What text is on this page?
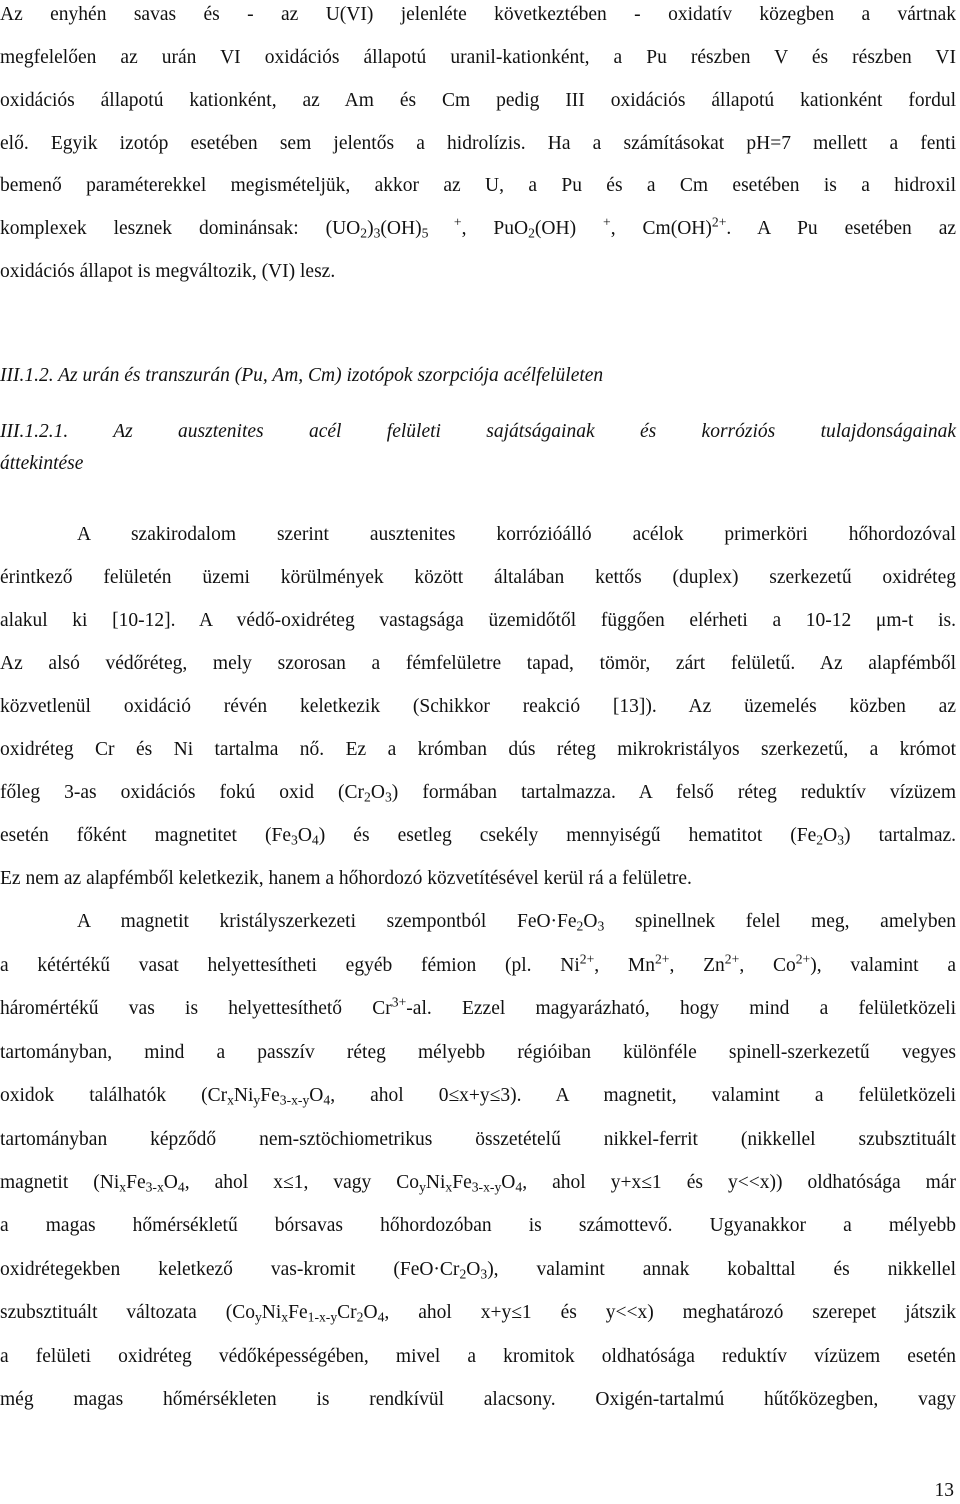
Az enyhén savas és - az U(VI) jelenléte következtében - oxidatív közegben a vártnak
megfelelően az urán VI oxidációs állapotú uranil-kationként, a Pu részben V és részben VI
oxidációs állapotú kationként, az Am és Cm pedig III oxidációs állapotú kationként fordul
elő. Egyik izotóp esetében sem jelentős a hidrolízis. Ha a számításokat pH=7 mellett a fenti
bemenő paraméterekkel megismételjük, akkor az U, a Pu és a Cm esetében is a hidroxil
komplexek lesznek dominánsak: $(UO_2)_3(OH)_5$ +, PuO$_2$(OH) +, Cm(OH)$^{2+}$. A Pu esetében az
oxidációs állapot is megváltozik, (VI) lesz.
III.1.2. Az urán és transzurán (Pu, Am, Cm) izotópok szorpciója acélfelületen
III.1.2.1. Az ausztenites acél felületi sajátságainak és korróziós tulajdonságainak
áttekintése
A szakirodalom szerint ausztenites korrózióálló acélok primerköri hőhordozóval
érintkező felületén üzemi körülmények között általában kettős (duplex) szerkezetű oxidréteg
alakul ki [10-12]. A védő-oxidréteg vastagsága üzemidőtől függően elérheti a 10-12 μm-t is.
Az alsó védőréteg, mely szorosan a fémfelületre tapad, tömör, zárt felületű. Az alapfémből
közvetlenül oxidáció révén keletkezik (Schikkor reakció [13]). Az üzemelés közben az
oxidréteg Cr és Ni tartalma nő. Ez a krómban dús réteg mikrokristályos szerkezetű, a krómot
főleg 3-as oxidációs fokú oxid $(Cr_2O_3)$ formában tartalmazza. A felső réteg reduktív vízüzem
esetén főként magnetitet $(Fe_3O_4)$ és esetleg csekély mennyiségű hematitot $(Fe_2O_3)$ tartalmaz.
Ez nem az alapfémből keletkezik, hanem a hőhordozó közvetítésével kerül rá a felületre.
A magnetit kristályszerkezeti szempontból $FeO\cdot Fe_2O_3$ spinellnek felel meg, amelyben
a kétértékű vasat helyettesítheti egyéb fémion (pl. $Ni^{2+}$, $Mn^{2+}$, $Zn^{2+}$, $Co^{2+}$), valamint a
háromértékű vas is helyettesíthető $Cr^{3+}-al$. Ezzel magyarázható, hogy mind a felületközeli
tartományban, mind a passzív réteg mélyebb régióiban különféle spinell-szerkezetű vegyes
oxidok találhatók ($Cr_xNi_yFe_{3-x-y}O_4$, ahol 0≤x+y≤3). A magnetit, valamint a felületközeli
tartományban képződő nem-sztöchiometrikus összetételű nikkel-ferrit (nikkellel szubsztituált
magnetit ($Ni_xFe_{3-x}O_4$, ahol x≤1, vagy $Co_yNi_xFe_{3-x-y}O_4$, ahol y+x≤1 és y<<x)) oldhatósága már
a magas hőmérsékletű bórsavas hőhordozóban is számottevő. Ugyanakkor a mélyebb
oxidrétegekben keletkező vas-kromit $(FeO\cdot Cr_2O_3)$, valamint annak kobalttal és nikkellel
szubsztituált változata ($Co_yNi_xFe_{1-x-y}Cr_2O_4$, ahol x+y≤1 és y<<x) meghatározó szerepet játszik
a felületi oxidréteg védőképességében, mivel a kromitok oldhatósága reduktív vízüzem esetén
még magas hőmérsékleten is rendkívül alacsony. Oxigén-tartalmú hűtőközegben, vagy
13
